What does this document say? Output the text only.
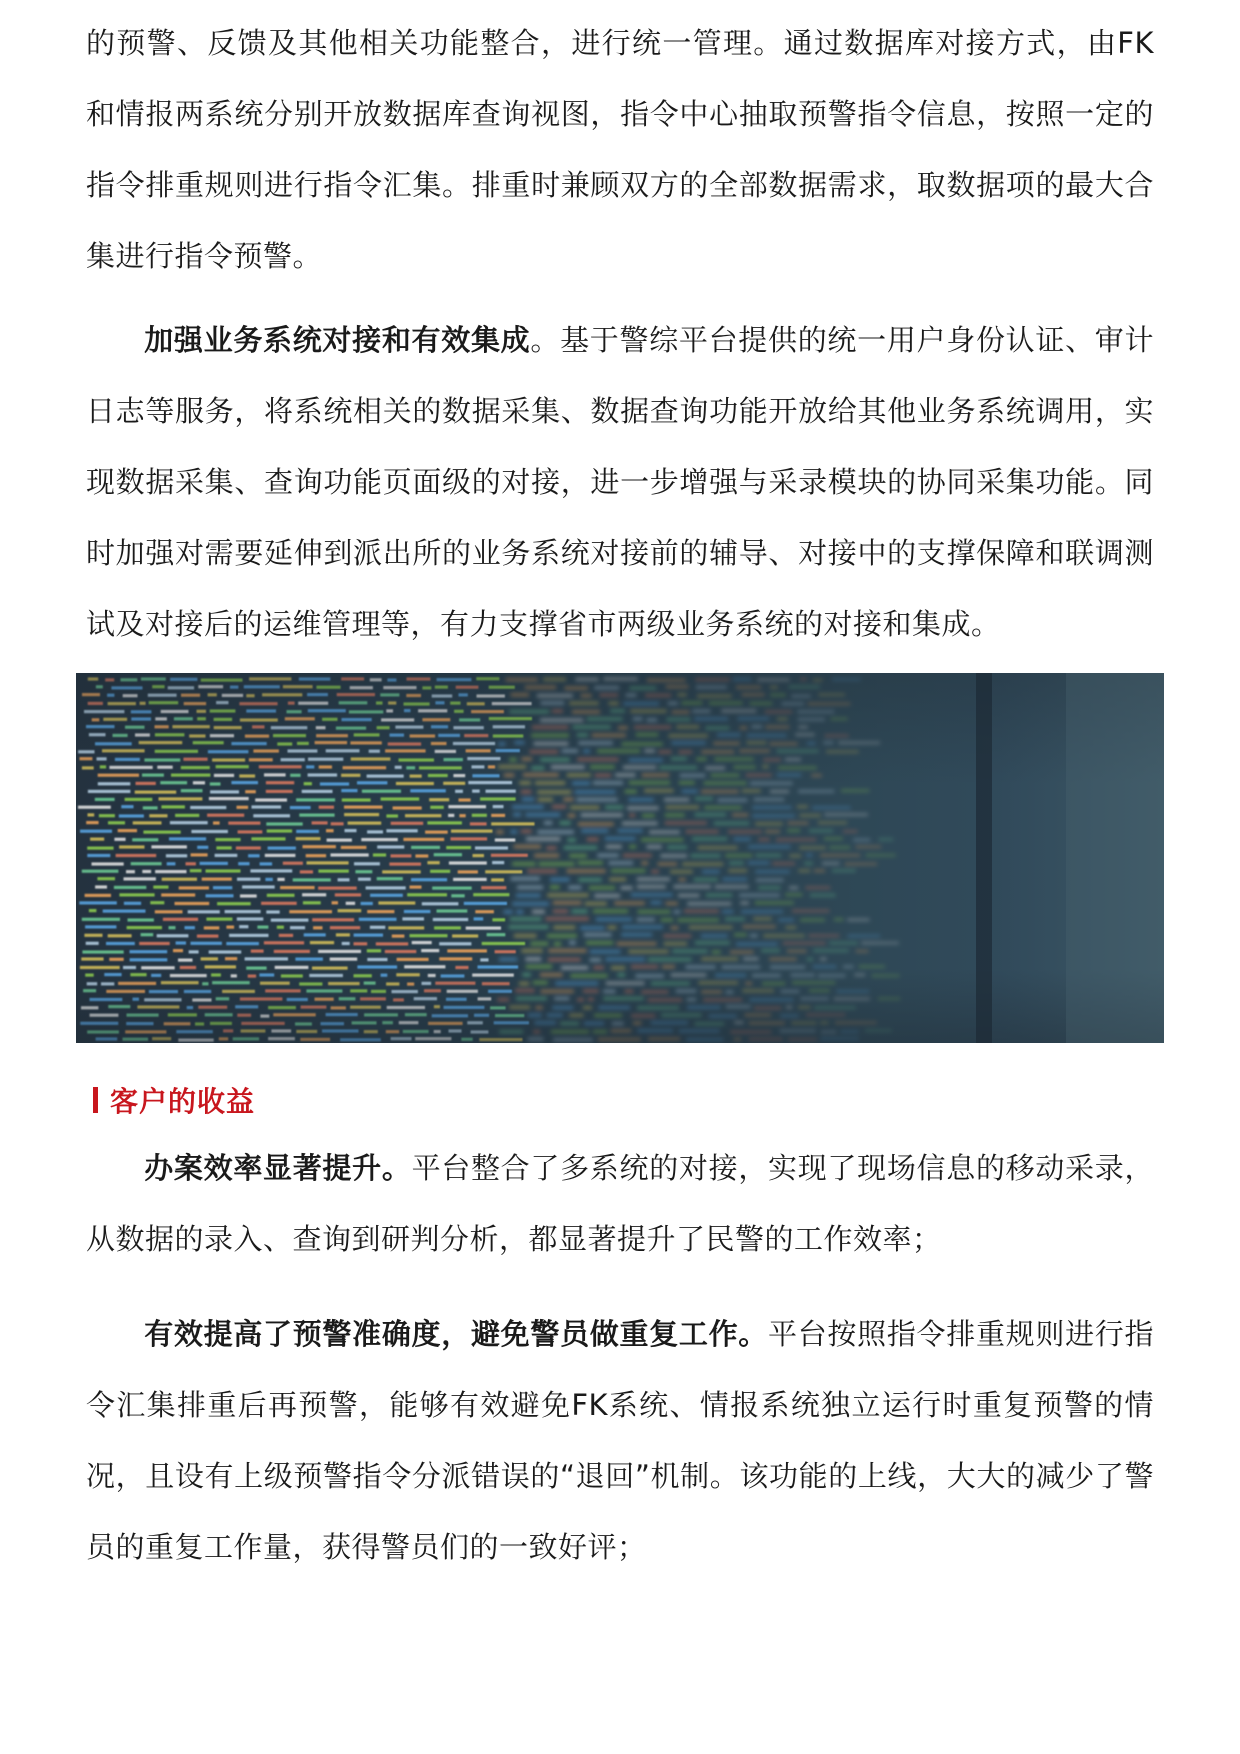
的预警、反馈及其他相关功能整合，进行统一管理。通过数据库对接方式，由FK和情报两系统分别开放数据库查询视图，指令中心抽取预警指令信息，按照一定的指令排重规则进行指令汇集。排重时兼顾双方的全部数据需求，取数据项的最大合集进行指令预警。

加强业务系统对接和有效集成。基于警综平台提供的统一用户身份认证、审计日志等服务，将系统相关的数据采集、数据查询功能开放给其他业务系统调用，实现数据采集、查询功能页面级的对接，进一步增强与采录模块的协同采集功能。同时加强对需要延伸到派出所的业务系统对接前的辅导、对接中的支撑保障和联调测试及对接后的运维管理等，有力支撑省市两级业务系统的对接和集成。

客户的收益

办案效率显著提升。平台整合了多系统的对接，实现了现场信息的移动采录，从数据的录入、查询到研判分析，都显著提升了民警的工作效率；

有效提高了预警准确度，避免警员做重复工作。平台按照指令排重规则进行指令汇集排重后再预警，能够有效避免FK系统、情报系统独立运行时重复预警的情况，且设有上级预警指令分派错误的“退回”机制。该功能的上线，大大的减少了警员的重复工作量，获得警员们的一致好评；
